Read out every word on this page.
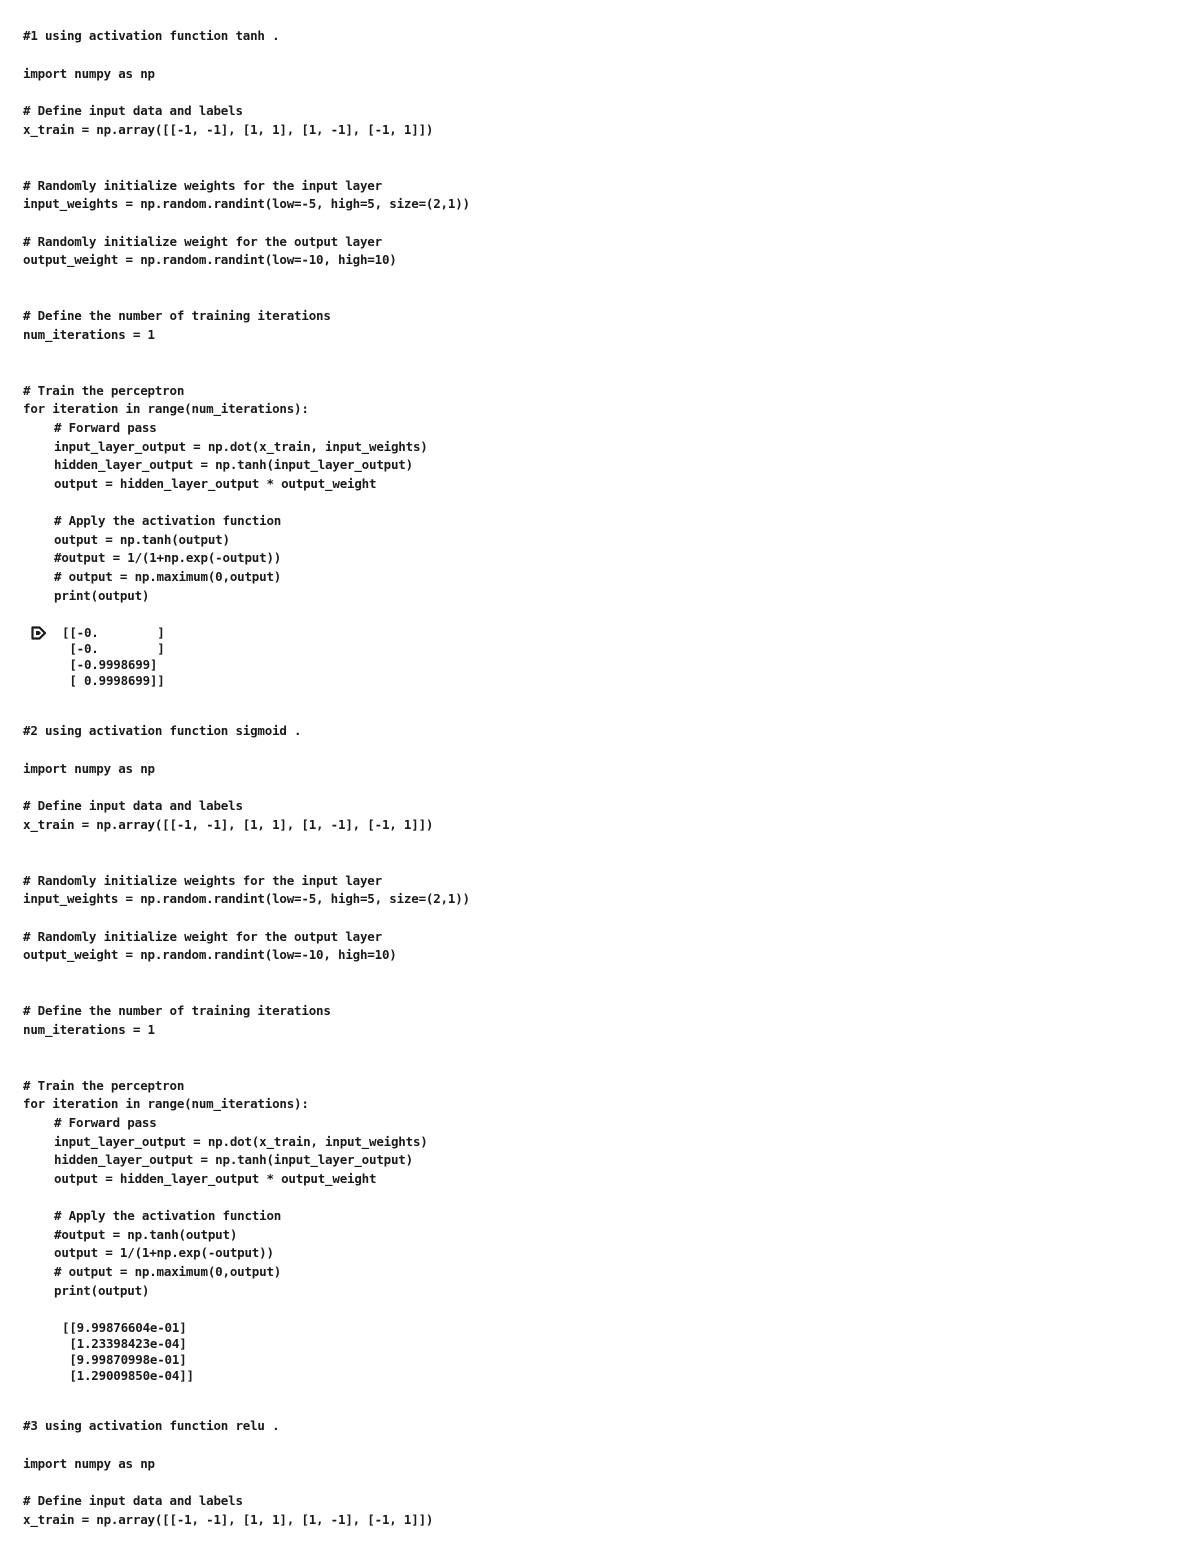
#1 using activation function tanh .
import numpy as np
# Define input data and labels
x_train = np.array([[-1, -1], [1, 1], [1, -1], [-1, 1]])
# Randomly initialize weights for the input layer
input_weights = np.random.randint(low=-5, high=5, size=(2,1))
# Randomly initialize weight for the output layer
output_weight = np.random.randint(low=-10, high=10)
# Define the number of training iterations
num_iterations = 1
# Train the perceptron
for iteration in range(num_iterations):
# Forward pass
input_layer_output = np.dot(x_train, input_weights)
hidden_layer_output = np.tanh(input_layer_output)
output = hidden_layer_output * output_weight
# Apply the activation function
output = np.tanh(output)
#output = 1/(1+np.exp(-output))
# output = np.maximum(0,output)
print(output)
[[-0.        ]
[-0.        ]
[-0.9998699]
[ 0.9998699]]
#2 using activation function sigmoid .
import numpy as np
# Define input data and labels
x_train = np.array([[-1, -1], [1, 1], [1, -1], [-1, 1]])
# Randomly initialize weights for the input layer
input_weights = np.random.randint(low=-5, high=5, size=(2,1))
# Randomly initialize weight for the output layer
output_weight = np.random.randint(low=-10, high=10)
# Define the number of training iterations
num_iterations = 1
# Train the perceptron
for iteration in range(num_iterations):
# Forward pass
input_layer_output = np.dot(x_train, input_weights)
hidden_layer_output = np.tanh(input_layer_output)
output = hidden_layer_output * output_weight
# Apply the activation function
#output = np.tanh(output)
output = 1/(1+np.exp(-output))
# output = np.maximum(0,output)
print(output)
[[9.99876604e-01]
[1.23398423e-04]
[9.99870998e-01]
[1.29009850e-04]]
#3 using activation function relu .
import numpy as np
# Define input data and labels
x_train = np.array([[-1, -1], [1, 1], [1, -1], [-1, 1]])
